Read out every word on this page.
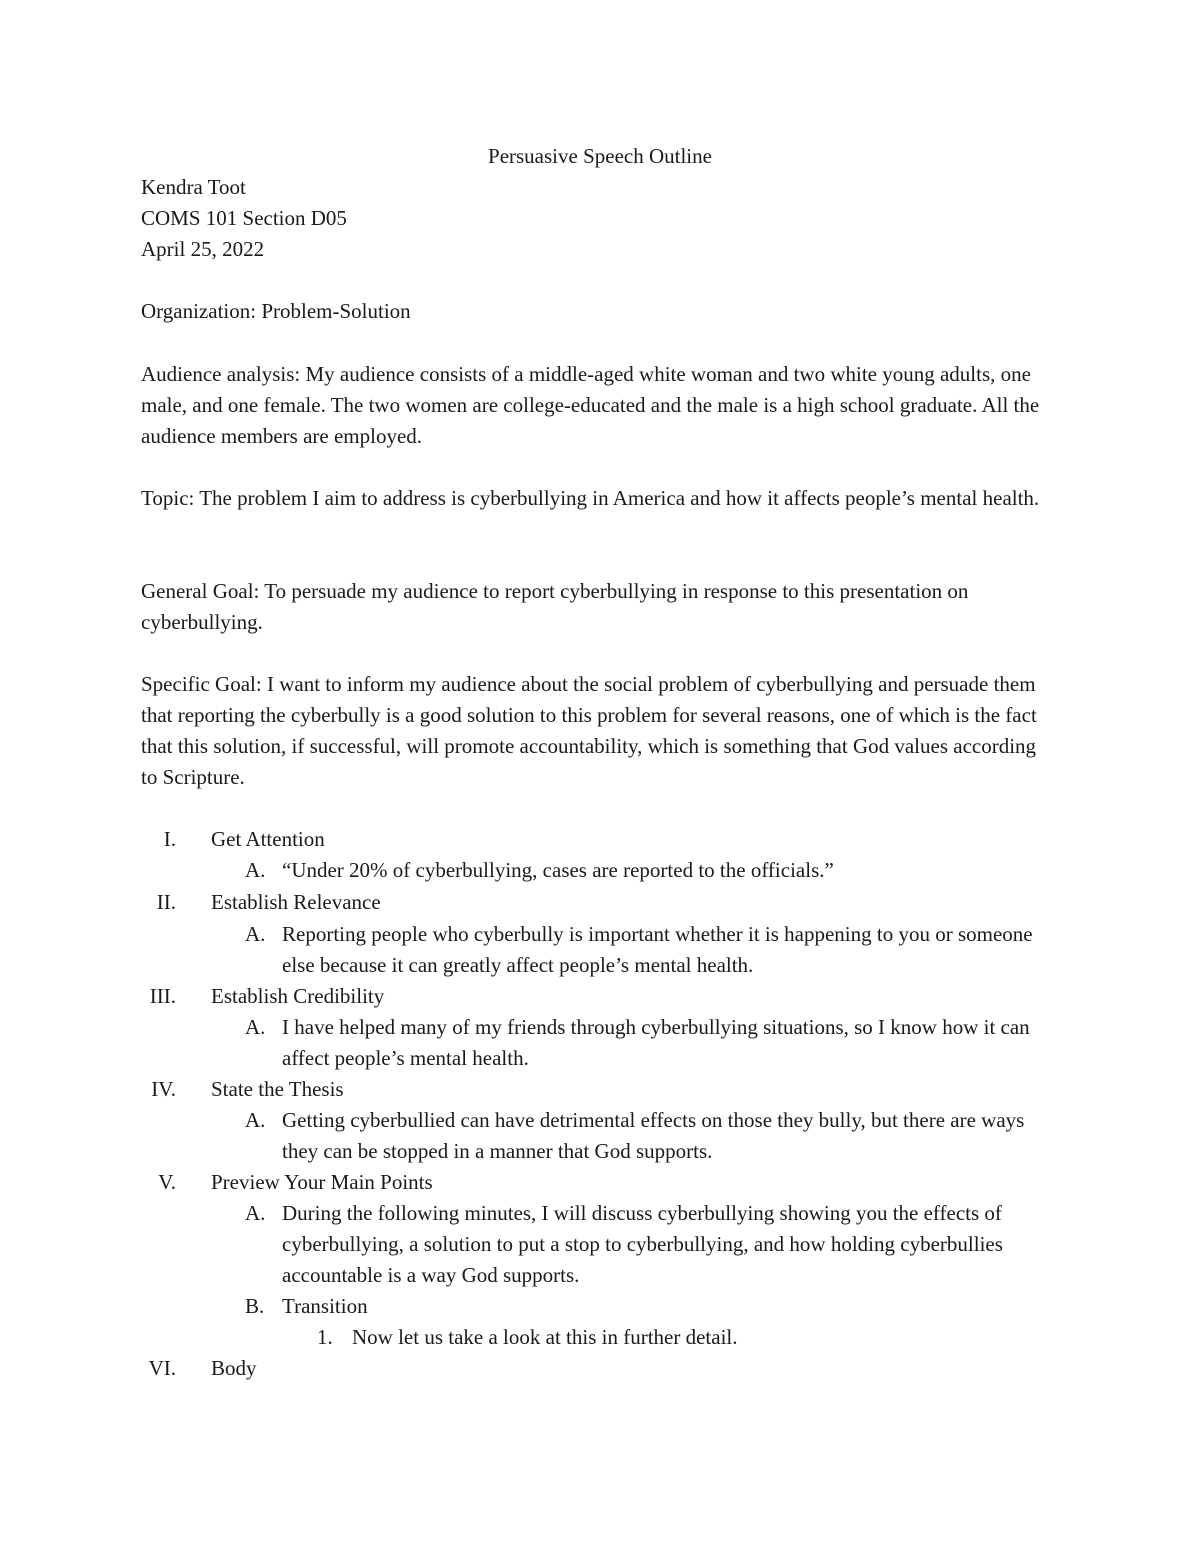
Persuasive Speech Outline
Kendra Toot
COMS 101 Section D05
April 25, 2022
Organization: Problem-Solution
Audience analysis: My audience consists of a middle-aged white woman and two white young adults, one male, and one female. The two women are college-educated and the male is a high school graduate. All the audience members are employed.
Topic: The problem I aim to address is cyberbullying in America and how it affects people’s mental health.
General Goal: To persuade my audience to report cyberbullying in response to this presentation on cyberbullying.
Specific Goal: I want to inform my audience about the social problem of cyberbullying and persuade them that reporting the cyberbully is a good solution to this problem for several reasons, one of which is the fact that this solution, if successful, will promote accountability, which is something that God values according to Scripture.
I. Get Attention
A. “Under 20% of cyberbullying, cases are reported to the officials.”
II. Establish Relevance
A. Reporting people who cyberbully is important whether it is happening to you or someone else because it can greatly affect people’s mental health.
III. Establish Credibility
A. I have helped many of my friends through cyberbullying situations, so I know how it can affect people’s mental health.
IV. State the Thesis
A. Getting cyberbullied can have detrimental effects on those they bully, but there are ways they can be stopped in a manner that God supports.
V. Preview Your Main Points
A. During the following minutes, I will discuss cyberbullying showing you the effects of cyberbullying, a solution to put a stop to cyberbullying, and how holding cyberbullies accountable is a way God supports.
B. Transition
1. Now let us take a look at this in further detail.
VI. Body
